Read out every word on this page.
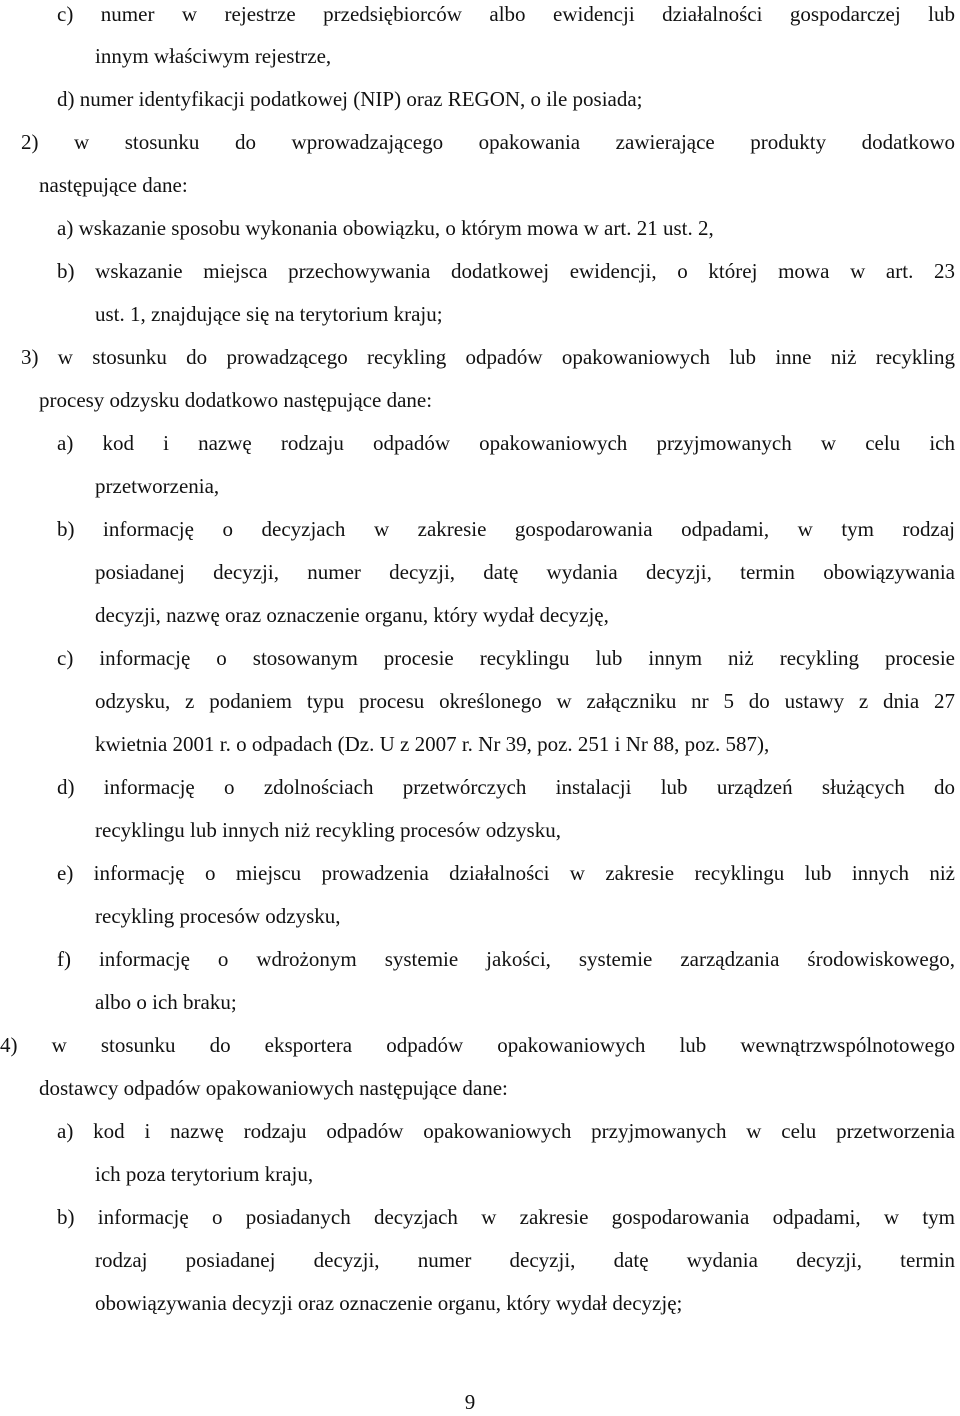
c) numer w rejestrze przedsiębiorców albo ewidencji działalności gospodarczej lub
innym właściwym rejestrze,
d) numer identyfikacji podatkowej (NIP) oraz REGON, o ile posiada;
2) w stosunku do wprowadzającego opakowania zawierające produkty dodatkowo
następujące dane:
a) wskazanie sposobu wykonania obowiązku, o którym mowa w art. 21 ust. 2,
b) wskazanie miejsca przechowywania dodatkowej ewidencji, o której mowa w art. 23
ust. 1, znajdujące się na terytorium kraju;
3) w stosunku do prowadzącego recykling odpadów opakowaniowych lub inne niż recykling
procesy odzysku dodatkowo następujące dane:
a) kod i nazwę rodzaju odpadów opakowaniowych przyjmowanych w celu ich
przetworzenia,
b) informację o decyzjach w zakresie gospodarowania odpadami, w tym rodzaj
posiadanej decyzji, numer decyzji, datę wydania decyzji, termin obowiązywania
decyzji, nazwę oraz oznaczenie organu, który wydał decyzję,
c) informację o stosowanym procesie recyklingu lub innym niż recykling procesie
odzysku, z podaniem typu procesu określonego w załączniku nr 5 do ustawy z dnia 27
kwietnia 2001 r. o odpadach (Dz. U z 2007 r. Nr 39, poz. 251 i Nr 88, poz. 587),
d) informację o zdolnościach przetwórczych instalacji lub urządzeń służących do
recyklingu lub innych niż recykling procesów odzysku,
e) informację o miejscu prowadzenia działalności w zakresie recyklingu lub innych niż
recykling procesów odzysku,
f) informację o wdrożonym systemie jakości, systemie zarządzania środowiskowego,
albo o ich braku;
4) w stosunku do eksportera odpadów opakowaniowych lub wewnątrzwspólnotowego
dostawcy odpadów opakowaniowych następujące dane:
a) kod i nazwę rodzaju odpadów opakowaniowych przyjmowanych w celu przetworzenia
ich poza terytorium kraju,
b) informację o posiadanych decyzjach w zakresie gospodarowania odpadami, w tym
rodzaj posiadanej decyzji, numer decyzji, datę wydania decyzji, termin
obowiązywania decyzji oraz oznaczenie organu, który wydał decyzję;
9
